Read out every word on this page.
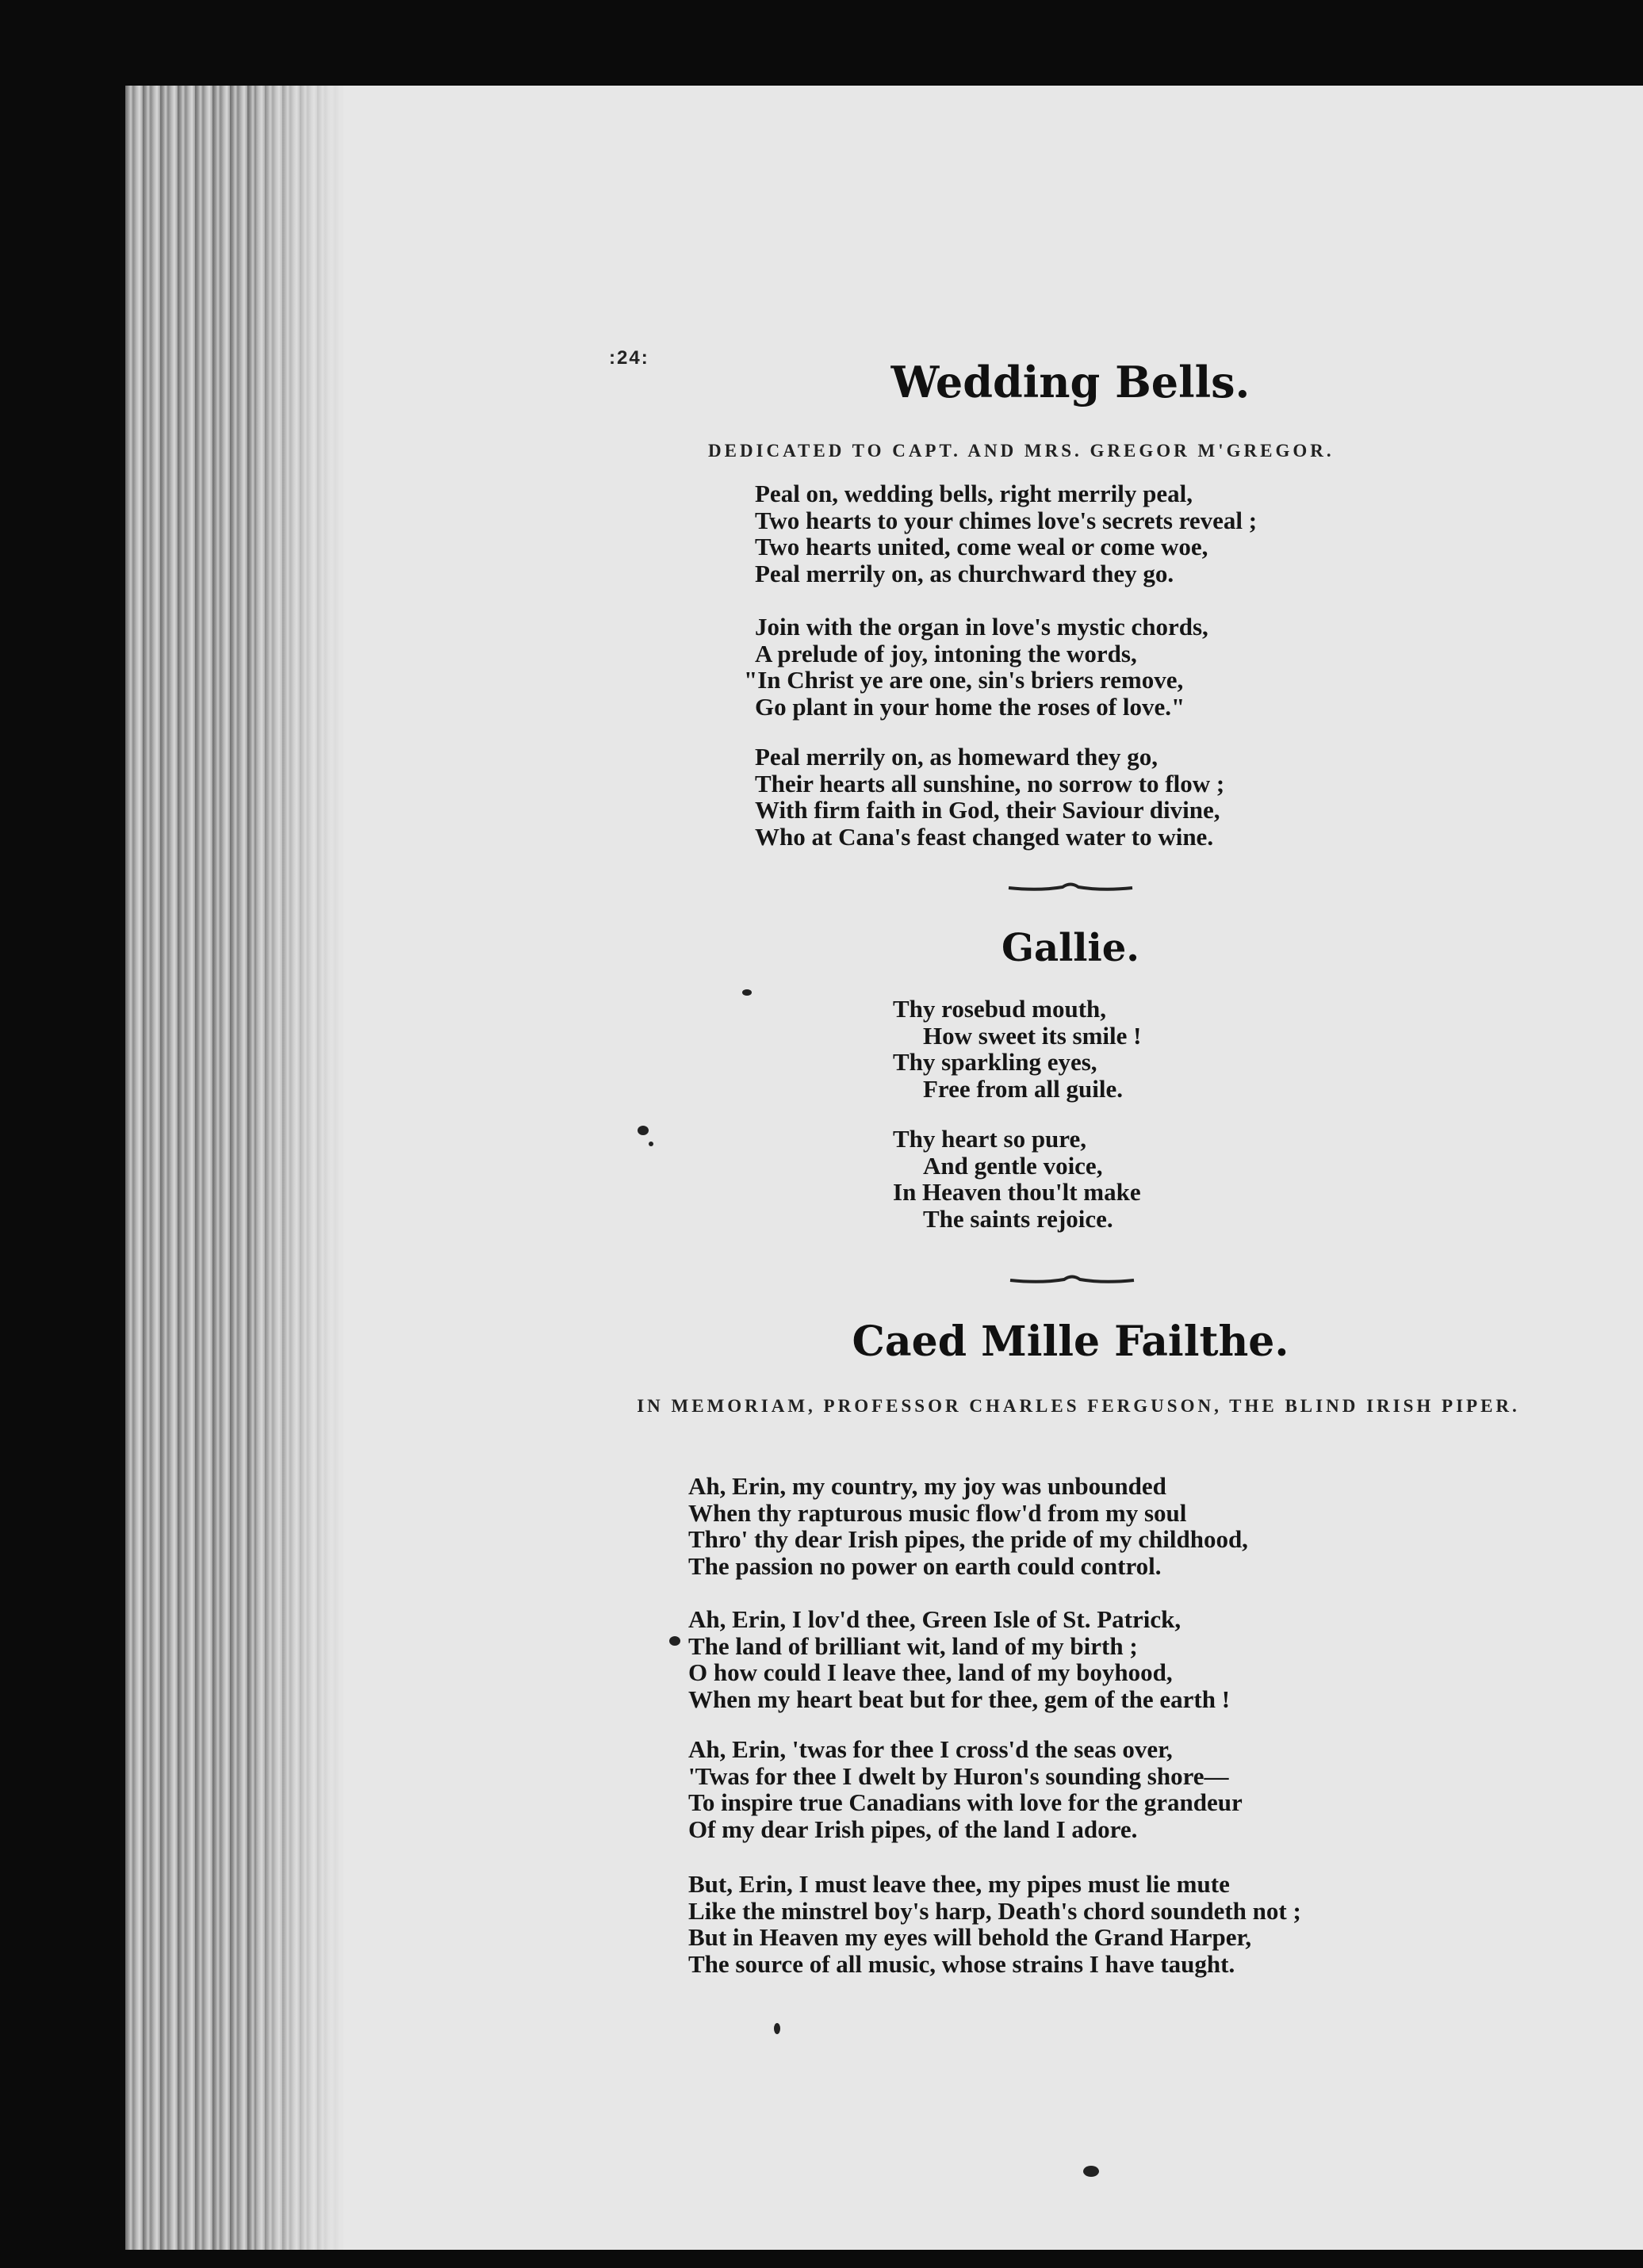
:24:	Wedding Bells.
DEDICATED TO CAPT. AND MRS. GREGOR M'GREGOR.
Peal on, wedding bells, right merrily peal,
Two hearts to your chimes love's secrets reveal ;
Two hearts united, come weal or come woe,
Peal merrily on, as churchward they go.
Join with the organ in love's mystic chords,
A prelude of joy, intoning the words,
"In Christ ye are one, sin's briers remove,
Go plant in your home the roses of love."
Peal merrily on, as homeward they go,
Their hearts all sunshine, no sorrow to flow ;
With firm faith in God, their Saviour divine,
Who at Cana's feast changed water to wine.
Gallie.
Thy rosebud mouth,
How sweet its smile !
Thy sparkling eyes,
Free from all guile.
Thy heart so pure,
And gentle voice,
In Heaven thou'lt make
The saints rejoice.
Caed Mille Failthe.
IN MEMORIAM, PROFESSOR CHARLES FERGUSON, THE BLIND IRISH PIPER.
Ah, Erin, my country, my joy was unbounded
When thy rapturous music flow'd from my soul
Thro' thy dear Irish pipes, the pride of my childhood,
The passion no power on earth could control.
Ah, Erin, I lov'd thee, Green Isle of St. Patrick,
The land of brilliant wit, land of my birth ;
O how could I leave thee, land of my boyhood,
When my heart beat but for thee, gem of the earth !
Ah, Erin, 'twas for thee I cross'd the seas over,
'Twas for thee I dwelt by Huron's sounding shore—
To inspire true Canadians with love for the grandeur
Of my dear Irish pipes, of the land I adore.
But, Erin, I must leave thee, my pipes must lie mute
Like the minstrel boy's harp, Death's chord soundeth not ;
But in Heaven my eyes will behold the Grand Harper,
The source of all music, whose strains I have taught.
